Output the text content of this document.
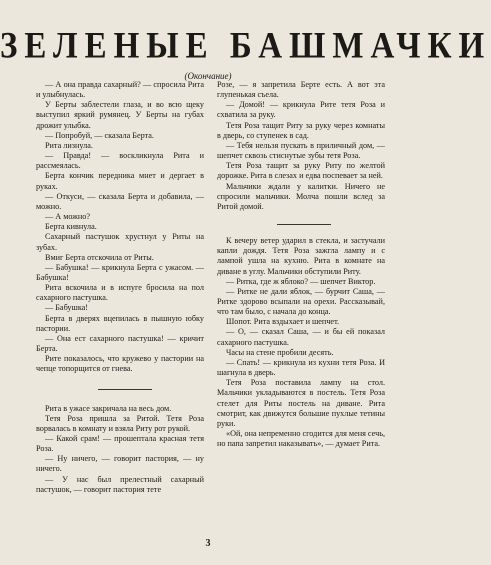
ЗЕЛЕНЫЕ БАШМАЧКИ

(Окончание)

— А она правда сахарный? — спросила Рита и улыбнулась.

У Берты заблестели глаза, и во всю щеку выступил яркий румянец. У Берты на губах дрожит улыбка.

— Попробуй, — сказала Берта.

Рита лизнула.

— Правда! — воскликнула Рита и рассмеялась.

Берта кончик передника мнет и дергает в руках.

— Откуси, — сказала Берта и добавила, — можно.

— А можно?

Берта кивнула.

Сахарный пастушок хрустнул у Риты на зубах.

Вмиг Берта отскочила от Риты.

— Бабушка! — крикнула Берта с ужасом. — Бабушка!

Рита вскочила и в испуге бросила на пол сахарного пастушка.

— Бабушка!

Берта в дверях вцепилась в пышную юбку пастории.

— Она ест сахарного пастушка! — кричит Берта.

Рите показалось, что кружево у пастории на чепце топорщится от гнева.

Рита в ужасе закричала на весь дом.

Тетя Роза пришла за Ритой. Тетя Роза ворвалась в комнату и взяла Риту рот рукой.

— Какой срам! — прошептала красная тетя Роза.

— Ну ничего, — говорит пастория, — ну ничего.

— У нас был прелестный сахарный пастушок, — говорит пастория тете

Розе, — я запретила Берте есть. А вот эта глупенькая съела.

— Домой! — крикнула Рите тетя Роза и схватила за руку.

Тетя Роза тащит Риту за руку через комнаты в дверь, со ступенек в сад.

— Тебя нельзя пускать в приличный дом, — шепчет сквозь стиснутые зубы тетя Роза.

Тетя Роза тащит за руку Риту по желтой дорожке. Рита в слезах и едва поспевает за ней.

Мальчики ждали у калитки. Ничего не спросили мальчики. Молча пошли вслед за Ритой домой.

К вечеру ветер ударил в стекла, и застучали капли дождя. Тетя Роза зажгла лампу и с лампой ушла на кухню. Рита в комнате на диване в углу. Мальчики обступили Риту.

— Ритка, где ж яблоко? — шепчет Виктор.

— Ритке не дали яблок, — бурчит Саша, — Ритке здорово всыпали на орехи. Рассказывай, что там было, с начала до конца.

Шопот. Рита вздыхает и шепчет.

— О, — сказал Саша, — и бы ей показал сахарного пастушка.

Часы на стене пробили десять.

— Спать! — крикнула из кухни тетя Роза. И шагнула в дверь.

Тетя Роза поставила лампу на стол. Мальчики укладываются в постель. Тетя Роза стелет для Риты постель на диване. Рита смотрит, как движутся большие пухлые тетины руки.

«Ой, она непременно сгодится для меня сечь, но папа запретил наказывать», — думает Рита.

3
